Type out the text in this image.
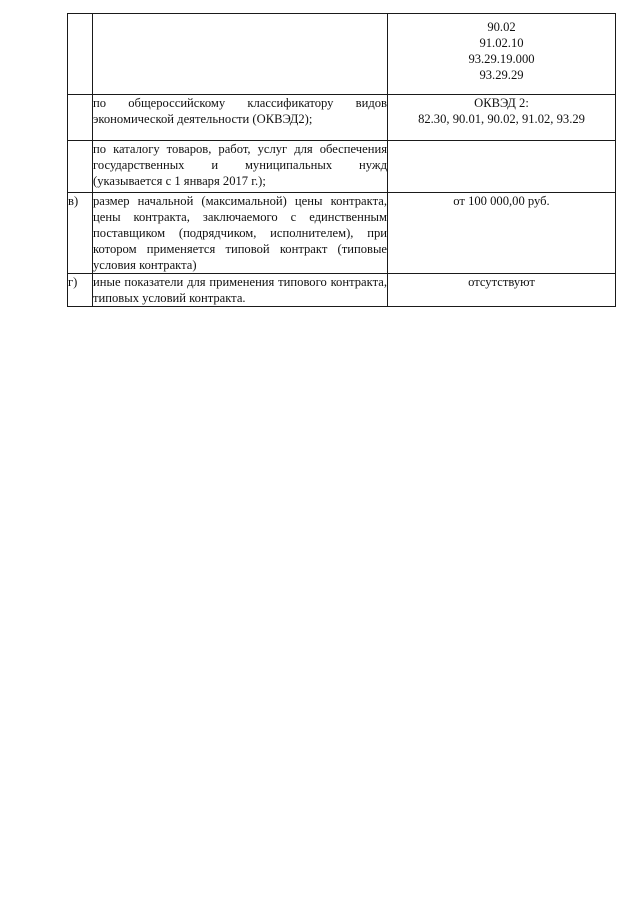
		90.02
91.02.10
93.29.19.000
93.29.29

	по общероссийскому классификатору видов экономической деятельности (ОКВЭД2);	ОКВЭД 2:
82.30, 90.01, 90.02, 91.02, 93.29

	по каталогу товаров, работ, услуг для обеспечения государственных и муниципальных нужд (указывается с 1 января 2017 г.);	

в)	размер начальной (максимальной) цены контракта, цены контракта, заключаемого с единственным поставщиком (подрядчиком, исполнителем), при котором применяется типовой контракт (типовые условия контракта)	от 100 000,00 руб.

г)	иные показатели для применения типового контракта, типовых условий контракта.	отсутствуют
